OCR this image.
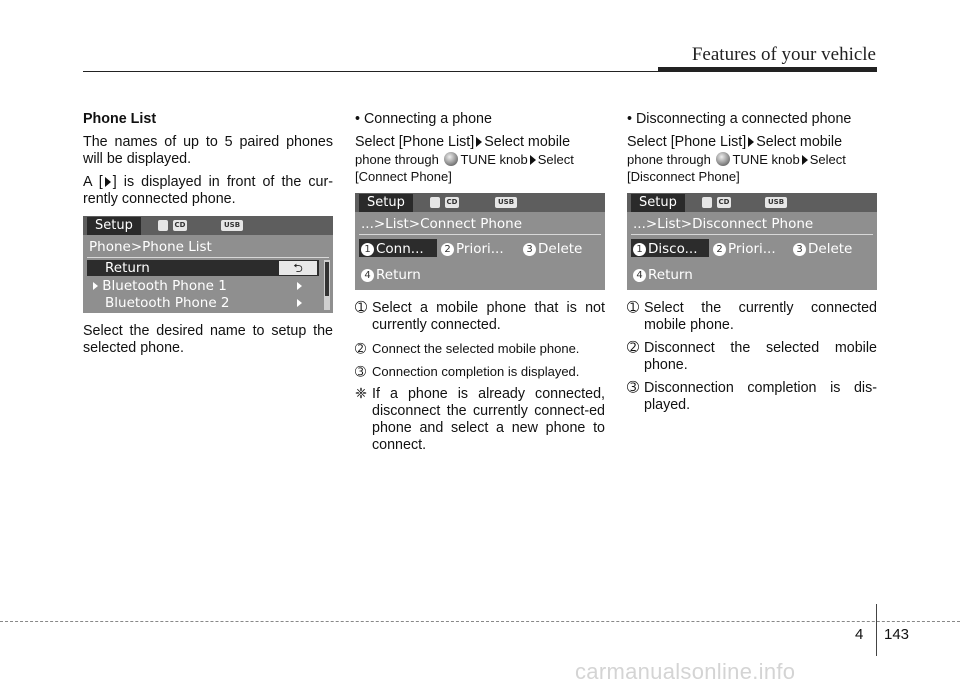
Features of your vehicle

Phone List

The names of up to 5 paired phones will be displayed.

A [ ] is displayed in front of the cur-rently connected phone.

Setup	CD	USB
Phone>Phone List
Return	⮌
Bluetooth Phone 1
Bluetooth Phone 2

Select the desired name to setup the selected phone.

• Connecting a phone

Select [Phone List] Select mobile

phone through TUNE knob Select

[Connect Phone]

Setup	CD	USB
...>List>Connect Phone
1 Conn...	2 Priori...	3 Delete
4 Return

➀ Select a mobile phone that is not currently connected.

➁ Connect the selected mobile phone.

➂ Connection completion is displayed.

❈ If a phone is already connected, disconnect the currently connect-ed phone and select a new phone to connect.

• Disconnecting a connected phone

Select [Phone List] Select mobile

phone through TUNE knob Select

[Disconnect Phone]

Setup	CD	USB
...>List>Disconnect Phone
1 Disco...	2 Priori...	3 Delete
4 Return

➀ Select the currently connected mobile phone.

➁ Disconnect the selected mobile phone.

➂ Disconnection completion is dis-played.

4 143
carmanualsonline.info
